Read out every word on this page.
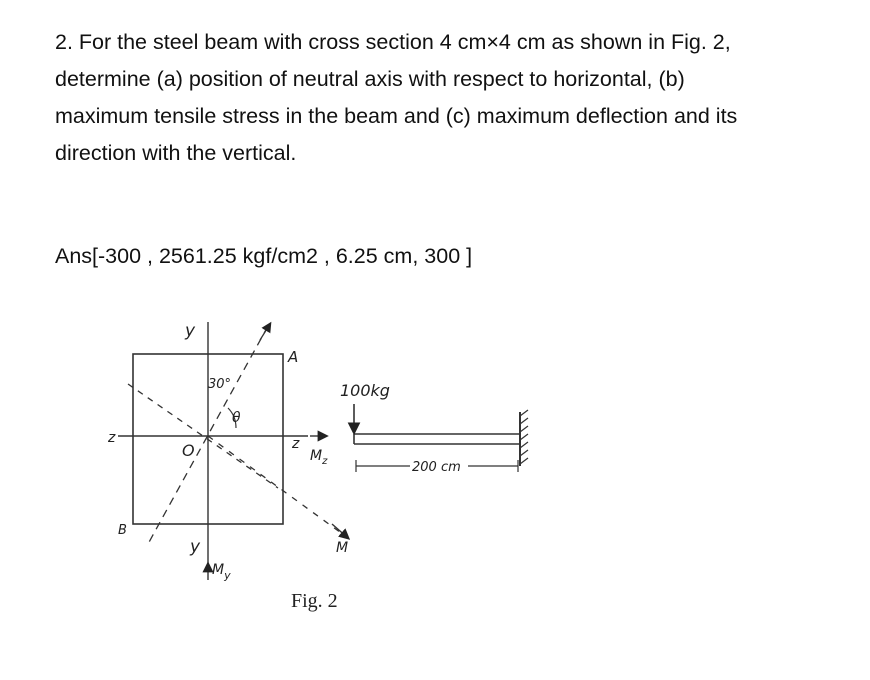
2. For the steel beam with cross section 4 cm×4 cm as shown in Fig. 2,
determine (a) position of neutral axis with respect to horizontal, (b)
maximum tensile stress in the beam and (c) maximum deflection and its
direction with the vertical.
Ans[-300 , 2561.25 kgf/cm2 , 6.25 cm, 300 ]
y
y
30°
θ
A
B
O
z	z
$M_z$
$M_y$
M
100kg
200 cm
Fig. 2
